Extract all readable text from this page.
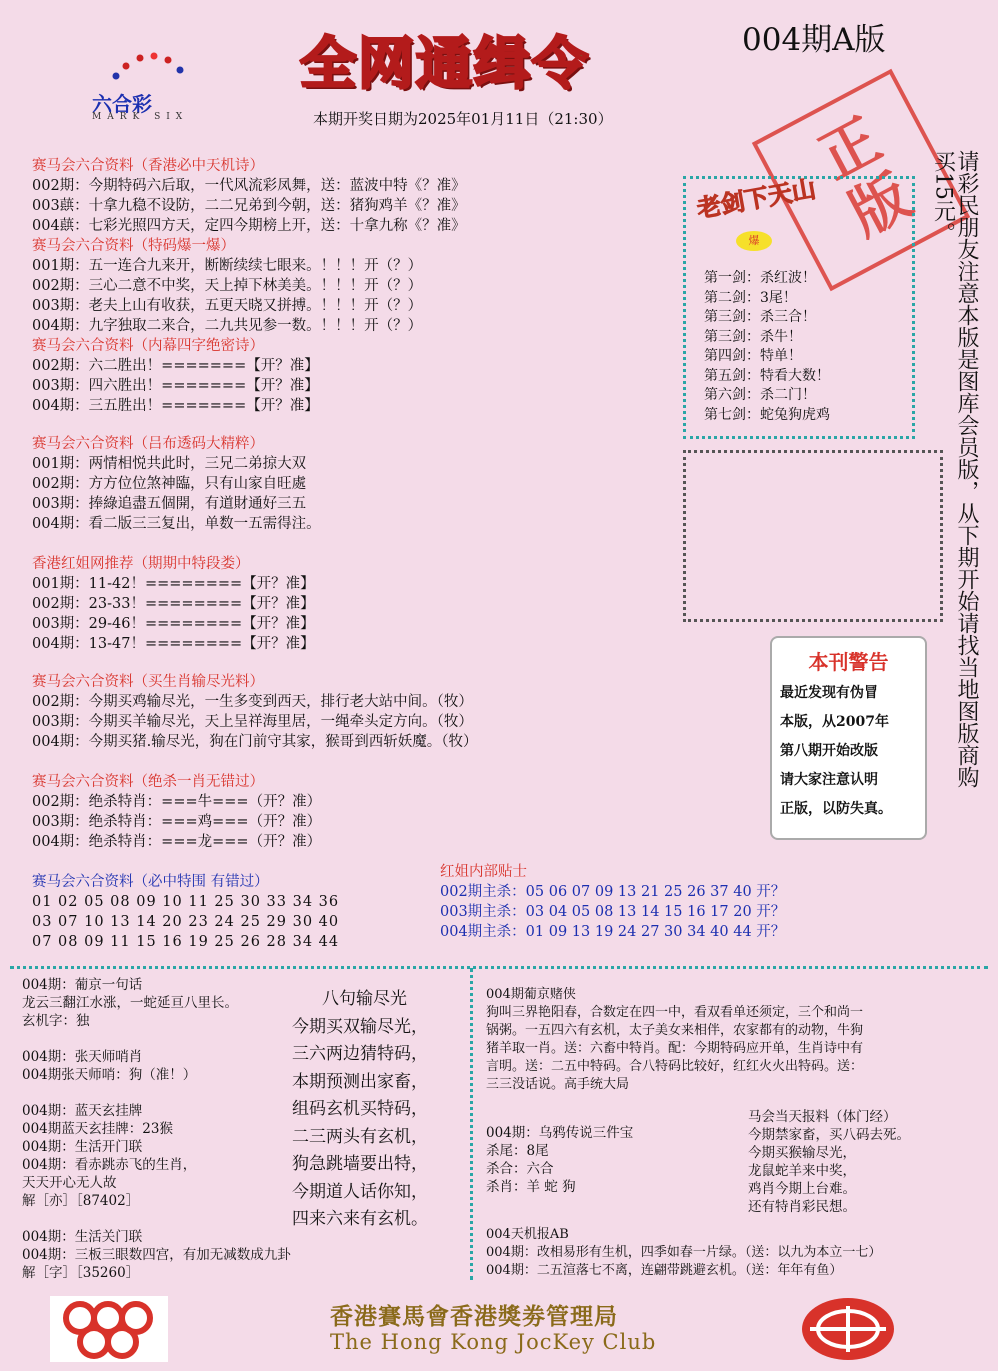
六合彩
MARK SIX
全网通缉令	004期A版
本期开奖日期为2025年01月11日（21:30）	正版
赛马会六合资料（香港必中天机诗）
002期：今期特码六后取，一代风流彩凤舞，送：蓝波中特《？准》
003蕻：十拿九稳不设防，二二兄弟到今朝，送：猪狗鸡羊《？准》
004蕻：七彩光照四方天，定四今期榜上开，送：十拿九称《？准》
赛马会六合资料（特码爆一爆）
001期：五一连合九来开，断断续续七眼来。！！！开（？）
002期：三心二意不中奖，天上掉下林美美。！！！开（？）
003期：老夫上山有收获，五更天晓又拼搏。！！！开（？）
004期：九字独取二来合，二九共见参一数。！！！开（？）
赛马会六合资料（内幕四字绝密诗）
002期：六二胜出！=======【开？准】
003期：四六胜出！=======【开？准】
004期：三五胜出！=======【开？准】
赛马会六合资料（吕布透码大精粹）
001期：两情相悦共此时，三兄二弟掠大双
002期：方方位位煞神臨，只有山家自旺處
003期：捧綠追盡五個開，有道財通好三五
004期：看二版三三复出，单数一五需得注。
香港红姐网推荐（期期中特段娄）
001期：11-42！========【开？准】
002期：23-33！========【开？准】
003期：29-46！========【开？准】
004期：13-47！========【开？准】
赛马会六合资料（买生肖输尽光料）
002期：今期买鸡输尽光，一生多变到西天，排行老大站中间。（牧）
003期：今期买羊输尽光，天上呈祥海里居，一绳牵头定方向。（牧）
004期：今期买猪.输尽光，狗在门前守其家，猴哥到西斩妖魔。（牧）
赛马会六合资料（绝杀一肖无错过）
002期：绝杀特肖：===牛===（开？准）
003期：绝杀特肖：===鸡===（开？准）
004期：绝杀特肖：===龙===（开？准）
赛马会六合资料（必中特围 有错过）
01 02 05 08 09 10 11 25 30 33 34 36
03 07 10 13 14 20 23 24 25 29 30 40
07 08 09 11 15 16 19 25 26 28 34 44
老剑下天山
爆
第一剑：杀红波！
第二剑：3尾！
第三剑：杀三合！
第三剑：杀牛！
第四剑：特单！
第五剑：特看大数！
第六剑：杀二门！
第七剑：蛇兔狗虎鸡	请彩民朋友注意本版是图库会员版，从下期开始请找当地图版商购买15元。
本刊警告
最近发现有伪冒
本版，从2007年
第八期开始改版
请大家注意认明
正版，以防失真。
红姐内部贴士
002期主杀：05 06 07 09 13 21 25 26 37 40 开？
003期主杀：03 04 05 08 13 14 15 16 17 20 开？
004期主杀：01 09 13 19 24 27 30 34 40 44 开？
004期：葡京一句话
龙云三翻江水涨，一蛇延亘八里长。
玄机字：独
004期：张天师哨肖
004期张天师哨：狗（准！）
004期：蓝天玄挂牌
004期蓝天玄挂牌：23猴
004期：生活开门联
004期：看赤跳赤飞的生肖，
天天开心无人故
解［亦］［87402］
004期：生活关门联
004期：三板三眼数四宫，有加无减数成九卦
解［字］［35260］
八句输尽光
今期买双输尽光，
三六两边猜特码，
本期预测出家畜，
组码玄机买特码，
二三两头有玄机，
狗急跳墙要出特，
今期道人话你知，
四来六来有玄机。
004期葡京赌侠
狗叫三界艳阳春，合数定在四一中，看双看单还须定，三个和尚一
锅粥。一五四六有玄机，太子美女来相伴，农家都有的动物，牛狗
猪羊取一肖。送：六畜中特肖。配：今期特码应开单，生肖诗中有
言明。送：二五中特码。合八特码比较好，红红火火出特码。送：
三三没话说。高手统大局
004期：乌鸦传说三件宝
杀尾：8尾
杀合：六合
杀肖：羊 蛇 狗
马会当天报料（体门经）
今期禁家畜，买八码去死。
今期买猴输尽光，
龙鼠蛇羊来中奖，
鸡肖今期上台难。
还有特肖彩民想。
004天机报AB
004期：改相易形有生机，四季如春一片绿。（送：以九为本立一七）
004期：二五渲落七不离，连翩带跳避玄机。（送：年年有鱼）
香港賽馬會香港獎劵管理局
The Hong Kong JocKey Club
